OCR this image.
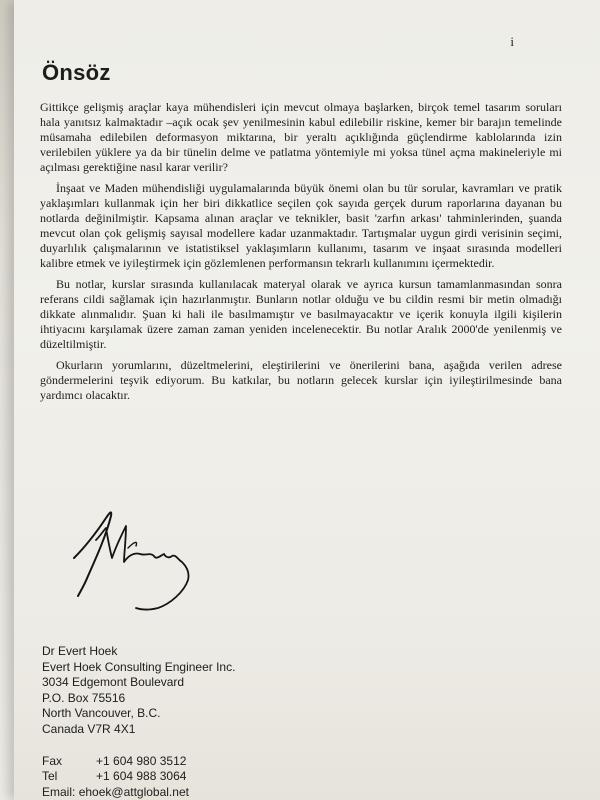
i
Önsöz

Gittikçe gelişmiş araçlar kaya mühendisleri için mevcut olmaya başlarken, birçok temel tasarım soruları hala yanıtsız kalmaktadır –açık ocak şev yenilmesinin kabul edilebilir riskine, kemer bir barajın temelinde müsamaha edilebilen deformasyon miktarına, bir yeraltı açıklığında güçlendirme kablolarında izin verilebilen yüklere ya da bir tünelin delme ve patlatma yöntemiyle mi yoksa tünel açma makineleriyle mi açılması gerektiğine nasıl karar verilir?

İnşaat ve Maden mühendisliği uygulamalarında büyük önemi olan bu tür sorular, kavramları ve pratik yaklaşımları kullanmak için her biri dikkatlice seçilen çok sayıda gerçek durum raporlarına dayanan bu notlarda değinilmiştir. Kapsama alınan araçlar ve teknikler, basit 'zarfın arkası' tahminlerinden, şuanda mevcut olan çok gelişmiş sayısal modellere kadar uzanmaktadır. Tartışmalar uygun girdi verisinin seçimi, duyarlılık çalışmalarının ve istatistiksel yaklaşımların kullanımı, tasarım ve inşaat sırasında modelleri kalibre etmek ve iyileştirmek için gözlemlenen performansın tekrarlı kullanımını içermektedir.

Bu notlar, kurslar sırasında kullanılacak materyal olarak ve ayrıca kursun tamamlanmasından sonra referans cildi sağlamak için hazırlanmıştır. Bunların notlar olduğu ve bu cildin resmi bir metin olmadığı dikkate alınmalıdır. Şuan ki hali ile basılmamıştır ve basılmayacaktır ve içerik konuyla ilgili kişilerin ihtiyacını karşılamak üzere zaman zaman yeniden incelenecektir. Bu notlar Aralık 2000'de yenilenmiş ve düzeltilmiştir.

Okurların yorumlarını, düzeltmelerini, eleştirilerini ve önerilerini bana, aşağıda verilen adrese göndermelerini teşvik ediyorum. Bu katkılar, bu notların gelecek kurslar için iyileştirilmesinde bana yardımcı olacaktır.

Dr Evert Hoek
Evert Hoek Consulting Engineer Inc.
3034 Edgemont Boulevard
P.O. Box 75516
North Vancouver, B.C.
Canada V7R 4X1
Fax	+1 604 980 3512
Tel	+1 604 988 3064
Email:
ehoek@attglobal.net
